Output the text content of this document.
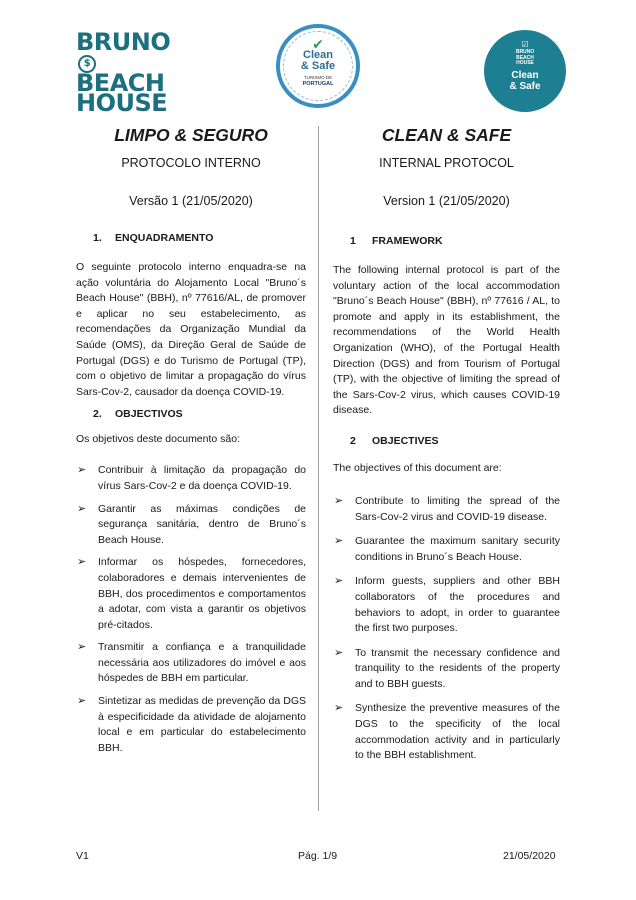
BRUNO$
BEACH
HOUSE
✔
Clean
& Safe
TURISMO DE
PORTUGAL
☑
BRUNO
BEACH
HOUSE
Clean
& Safe
LIMPO & SEGURO
PROTOCOLO INTERNO
Versão 1 (21/05/2020)
1. ENQUADRAMENTO

O seguinte protocolo interno enquadra-se na ação voluntária do Alojamento Local "Bruno´s Beach House" (BBH), nº 77616/AL, de promover e aplicar no seu estabelecimento, as recomendações da Organização Mundial da Saúde (OMS), da Direção Geral de Saúde de Portugal (DGS) e do Turismo de Portugal (TP), com o objetivo de limitar a propagação do vírus Sars-Cov-2, causador da doença COVID-19.

2. OBJECTIVOS
Os objetivos deste documento são:
➢ Contribuir à limitação da propagação do vírus Sars-Cov-2 e da doença COVID-19.
➢ Garantir as máximas condições de segurança sanitária, dentro de Bruno´s Beach House.
➢ Informar os hóspedes, fornecedores, colaboradores e demais intervenientes de BBH, dos procedimentos e comportamentos a adotar, com vista a garantir os objetivos pré-citados.
➢ Transmitir a confiança e a tranquilidade necessária aos utilizadores do imóvel e aos hóspedes de BBH em particular.
➢ Sintetizar as medidas de prevenção da DGS à especificidade da atividade de alojamento local e em particular do estabelecimento BBH.
CLEAN & SAFE
INTERNAL PROTOCOL
Version 1 (21/05/2020)
1 FRAMEWORK

The following internal protocol is part of the voluntary action of the local accommodation "Bruno´s Beach House" (BBH), nº 77616 / AL, to promote and apply in its establishment, the recommendations of the World Health Organization (WHO), of the Portugal Health Direction (DGS) and from Tourism of Portugal (TP), with the objective of limiting the spread of the Sars-Cov-2 virus, which causes COVID-19 disease.

2 OBJECTIVES
The objectives of this document are:
➢ Contribute to limiting the spread of the Sars-Cov-2 virus and COVID-19 disease.
➢ Guarantee the maximum sanitary security conditions in Bruno´s Beach House.
➢ Inform guests, suppliers and other BBH collaborators of the procedures and behaviors to adopt, in order to guarantee the first two purposes.
➢ To transmit the necessary confidence and tranquility to the residents of the property and to BBH guests.
➢ Synthesize the preventive measures of the DGS to the specificity of the local accommodation activity and in particularly to the BBH establishment.
V1	Pág. 1/9	21/05/2020
